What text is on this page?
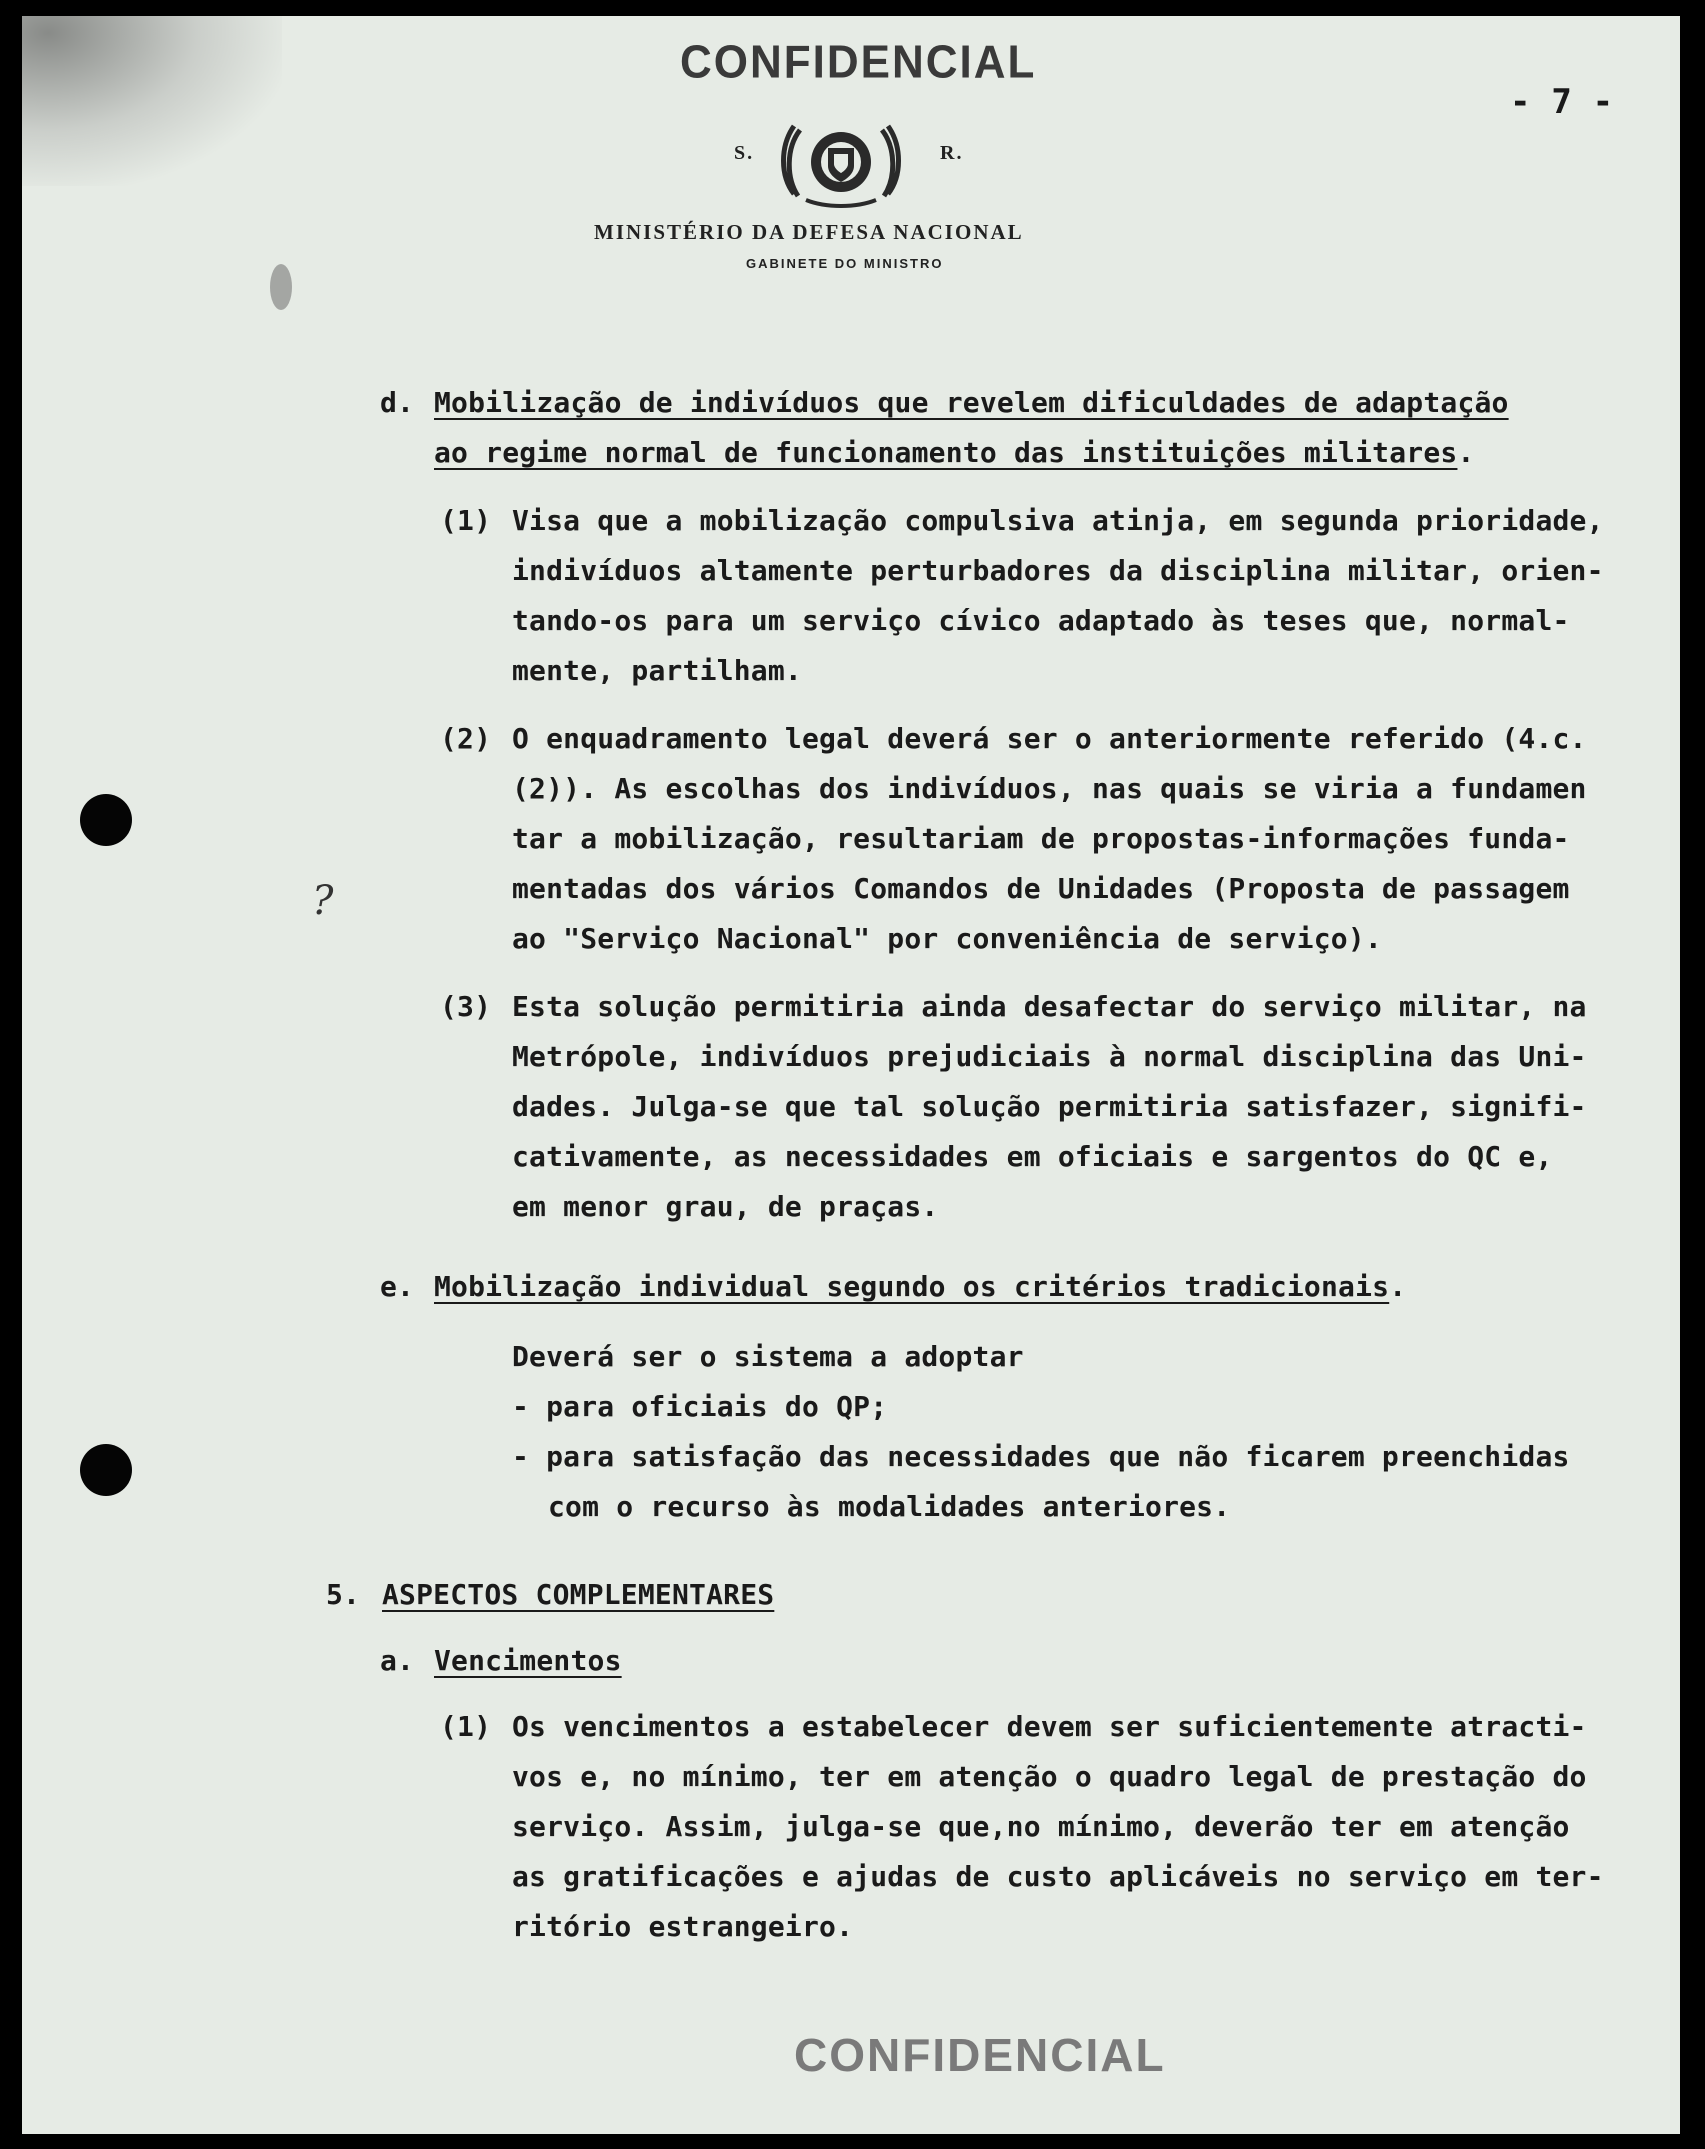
CONFIDENCIAL
- 7 -
S.	R.
MINISTÉRIO DA DEFESA NACIONAL
GABINETE DO MINISTRO
?
d. Mobilização de indivíduos que revelem dificuldades de adaptação
ao regime normal de funcionamento das instituições militares.
(1) Visa que a mobilização compulsiva atinja, em segunda prioridade,
indivíduos altamente perturbadores da disciplina militar, orien-
tando-os para um serviço cívico adaptado às teses que, normal-
mente, partilham.
(2) O enquadramento legal deverá ser o anteriormente referido (4.c.
(2)). As escolhas dos indivíduos, nas quais se viria a fundamen
tar a mobilização, resultariam de propostas-informações funda-
mentadas dos vários Comandos de Unidades (Proposta de passagem
ao "Serviço Nacional" por conveniência de serviço).
(3) Esta solução permitiria ainda desafectar do serviço militar, na
Metrópole, indivíduos prejudiciais à normal disciplina das Uni-
dades. Julga-se que tal solução permitiria satisfazer, signifi-
cativamente, as necessidades em oficiais e sargentos do QC e,
em menor grau, de praças.
e. Mobilização individual segundo os critérios tradicionais.
Deverá ser o sistema a adoptar
- para oficiais do QP;
- para satisfação das necessidades que não ficarem preenchidas
com o recurso às modalidades anteriores.
5. ASPECTOS COMPLEMENTARES
a. Vencimentos
(1) Os vencimentos a estabelecer devem ser suficientemente atracti-
vos e, no mínimo, ter em atenção o quadro legal de prestação do
serviço. Assim, julga-se que,no mínimo, deverão ter em atenção
as gratificações e ajudas de custo aplicáveis no serviço em ter-
ritório estrangeiro.
CONFIDENCIAL
